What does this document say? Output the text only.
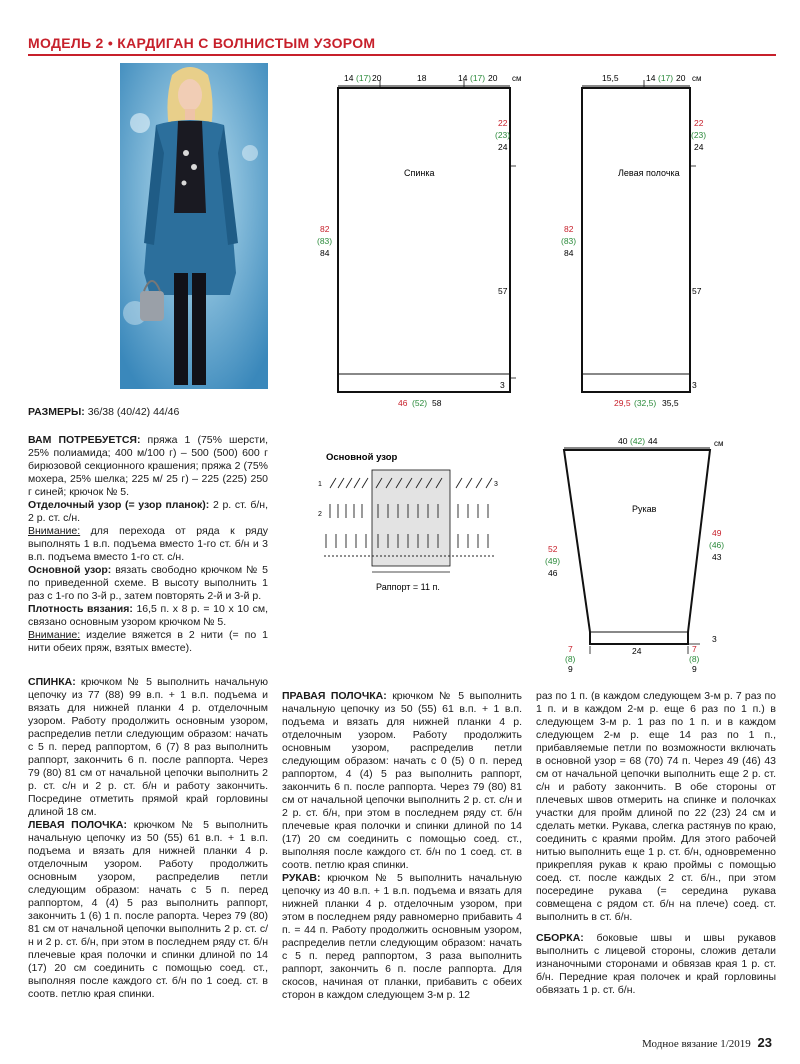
МОДЕЛЬ 2 • КАРДИГАН С ВОЛНИСТЫМ УЗОРОМ
РАЗМЕРЫ: 36/38 (40/42) 44/46

ВАМ ПОТРЕБУЕТСЯ: пряжа 1 (75% шерсти, 25% полиамида; 400 м/100 г) – 500 (500) 600 г бирюзовой секционного крашения; пряжа 2 (75% мохера, 25% шелка; 225 м/ 25 г) – 225 (225) 250 г синей; крючок № 5.

Отделочный узор (= узор планок): 2 р. ст. б/н, 2 р. ст. с/н.

Внимание: для перехода от ряда к ряду выполнять 1 в.п. подъема вместо 1-го ст. б/н и 3 в.п. подъема вместо 1-го ст. с/н.

Основной узор: вязать свободно крючком № 5 по приведенной схеме. В высоту выполнить 1 раз с 1-го по 3-й р., затем повторять 2-й и 3-й р.

Плотность вязания: 16,5 п. х 8 р. = 10 х 10 см, связано основным узором крючком № 5.

Внимание: изделие вяжется в 2 нити (= по 1 нити обеих пряж, взятых вместе).

СПИНКА: крючком № 5 выполнить начальную цепочку из 77 (88) 99 в.п. + 1 в.п. подъема и вязать для нижней планки 4 р. отделочным узором. Работу продолжить основным узором, распределив петли следующим образом: начать с 5 п. перед раппортом, 6 (7) 8 раз выполнить раппорт, закончить 6 п. после раппорта. Через 79 (80) 81 см от начальной цепочки выполнить 2 р. ст. с/н и 2 р. ст. б/н и работу закончить. Посредине отметить прямой край горловины длиной 18 см.

ЛЕВАЯ ПОЛОЧКА: крючком № 5 выполнить начальную цепочку из 50 (55) 61 в.п. + 1 в.п. подъема и вязать для нижней планки 4 р. отделочным узором. Работу продолжить основным узором, распределив петли следующим образом: начать с 5 п. перед раппортом, 4 (4) 5 раз выполнить раппорт, закончить 1 (6) 1 п. после рапорта. Через 79 (80) 81 см от начальной цепочки выполнить 2 р. ст. с/н и 2 р. ст. б/н, при этом в последнем ряду ст. б/н плечевые края полочки и спинки длиной по 14 (17) 20 см соединить с помощью соед. ст., выполняя после каждого ст. б/н по 1 соед. ст. в соотв. петлю края спинки.

ПРАВАЯ ПОЛОЧКА: крючком № 5 выполнить начальную цепочку из 50 (55) 61 в.п. + 1 в.п. подъема и вязать для нижней планки 4 р. отделочным узором. Работу продолжить основным узором, распределив петли следующим образом: начать с 0 (5) 0 п. перед раппортом, 4 (4) 5 раз выполнить раппорт, закончить 6 п. после раппорта. Через 79 (80) 81 см от начальной цепочки выполнить 2 р. ст. с/н и 2 р. ст. б/н, при этом в последнем ряду ст. б/н плечевые края полочки и спинки длиной по 14 (17) 20 см соединить с помощью соед. ст., выполняя после каждого ст. б/н по 1 соед. ст. в соотв. петлю края спинки.

РУКАВ: крючком № 5 выполнить начальную цепочку из 40 в.п. + 1 в.п. подъема и вязать для нижней планки 4 р. отделочным узором, при этом в последнем ряду равномерно прибавить 4 п. = 44 п. Работу продолжить основным узором, распределив петли следующим образом: начать с 5 п. перед раппортом, 3 раза выполнить раппорт, закончить 6 п. после раппорта. Для скосов, начиная от планки, прибавить с обеих сторон в каждом следующем 3-м р. 12

раз по 1 п. (в каждом следующем 3-м р. 7 раз по 1 п. и в каждом 2-м р. еще 6 раз по 1 п.) в следующем 3-м р. 1 раз по 1 п. и в каждом следующем 2-м р. еще 14 раз по 1 п., прибавляемые петли по возможности включать в основной узор = 68 (70) 74 п. Через 49 (46) 43 см от начальной цепочки выполнить еще 2 р. ст. с/н и работу закончить. В обе стороны от плечевых швов отмерить на спинке и полочках участки для пройм длиной по 22 (23) 24 см и сделать метки. Рукава, слегка растянув по краю, соединить с краями пройм. Для этого рабочей нитью выполнить еще 1 р. ст. б/н, одновременно прикрепляя рукав к краю проймы с помощью соед. ст. после каждых 2 ст. б/н., при этом посередине рукава (= середина рукава совмещена с рядом ст. б/н на плече) соед. ст. выполнить в ст. б/н.

СБОРКА: боковые швы и швы рукавов выполнить с лицевой стороны, сложив детали изнаночными сторонами и обвязав края 1 р. ст. б/н. Передние края полочек и край горловины обвязать 1 р. ст. б/н.

14 (17) 20	18	14 (17) 20 см
22
(23)
24
82
(83)
84
57
3
46 (52) 58
Спинка
15,5	14 (17) 20 см
22
(23)
24
82
(83)
84
57
3
29,5 (32,5) 35,5
Левая полочка
Основной узор
1
2
3
Раппорт = 11 п.
40 (42) 44	см
Рукав
52
(49)
46
49
(46)
43
24
3
7
(8)
9
7
(8)
9
Модное вязание 1/2019 23
